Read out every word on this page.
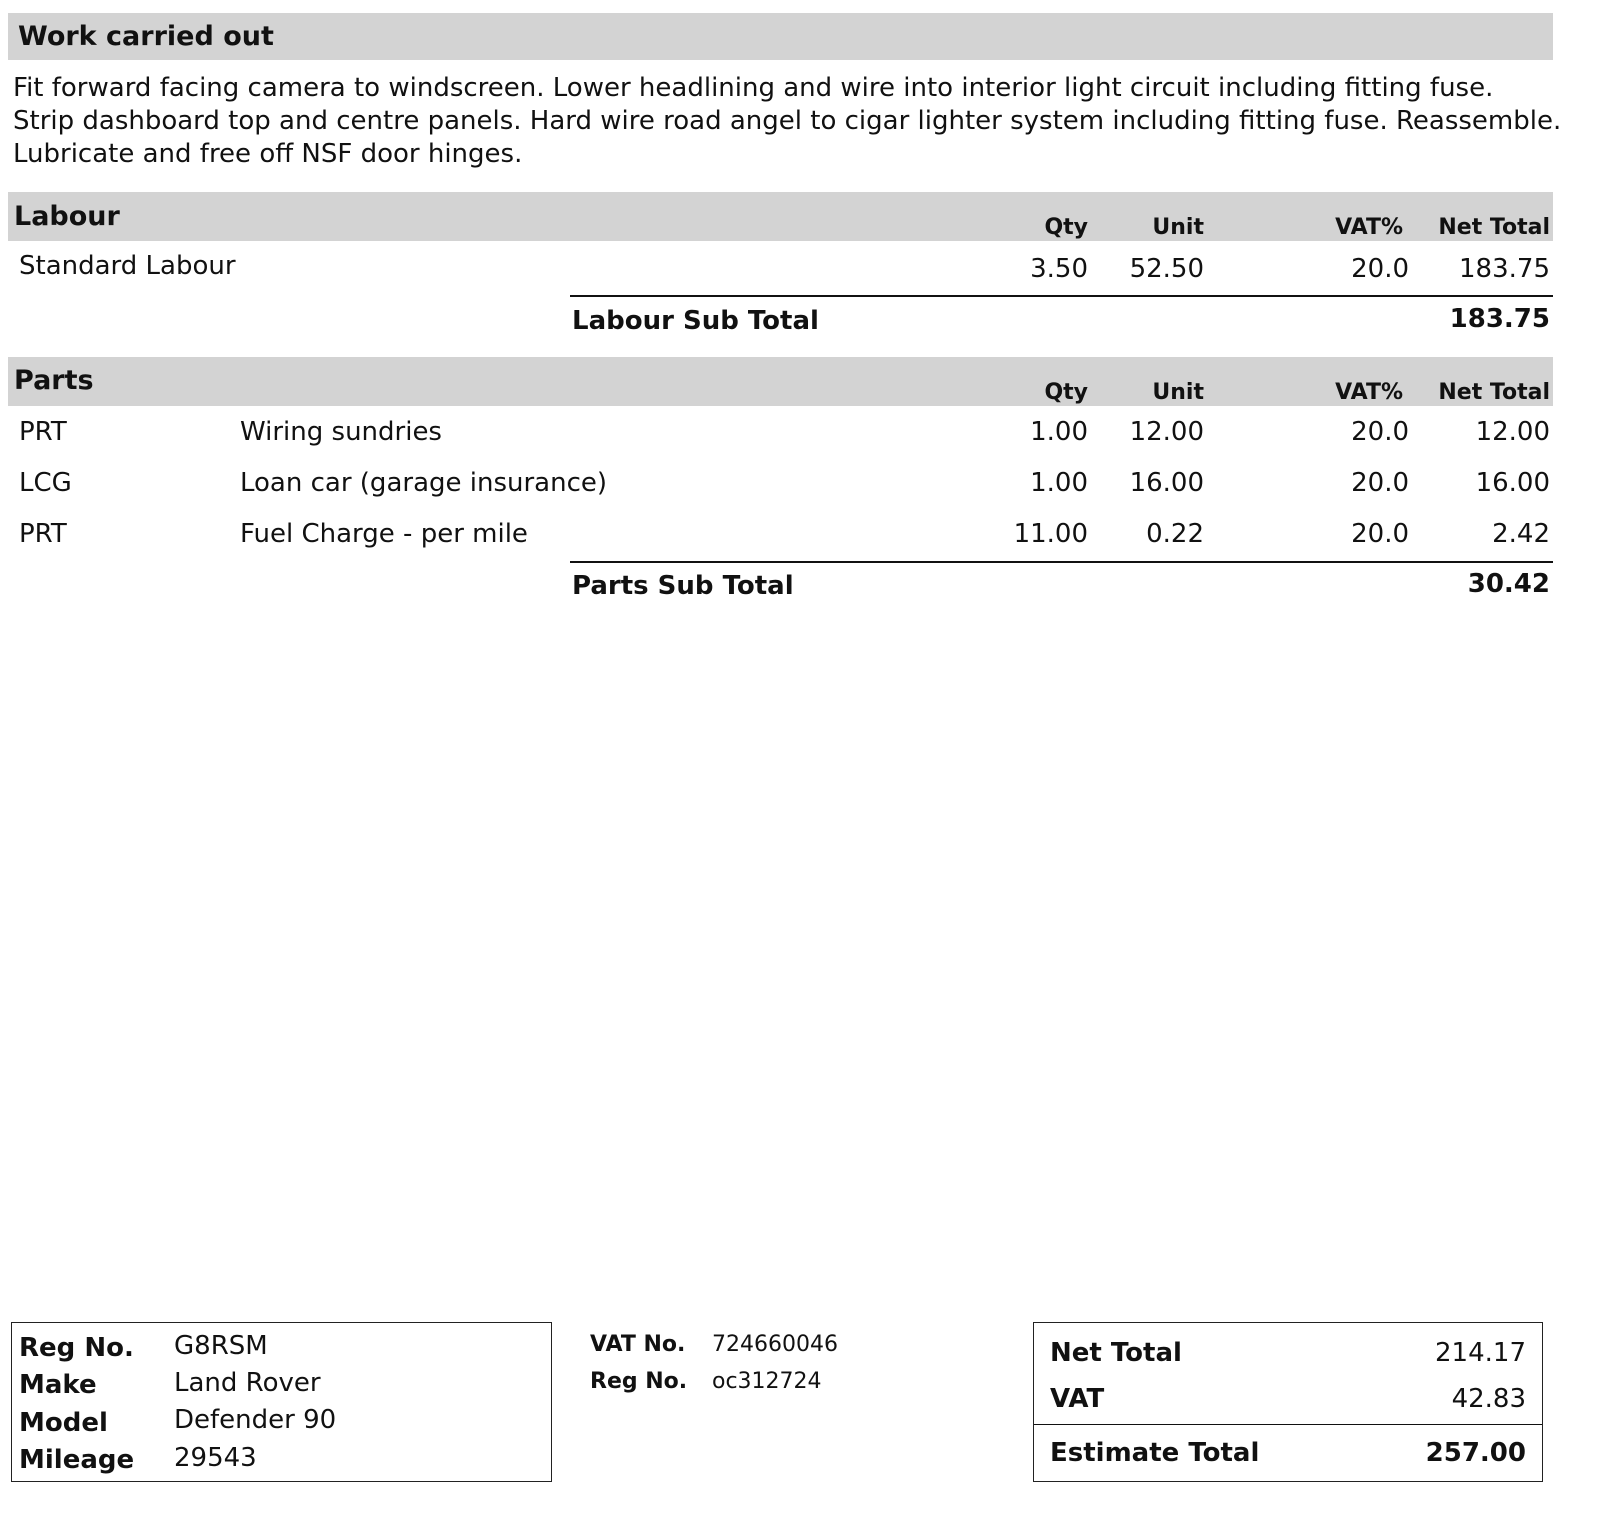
Work carried out
Fit forward facing camera to windscreen. Lower headlining and wire into interior light circuit including fitting fuse.
Strip dashboard top and centre panels. Hard wire road angel to cigar lighter system including fitting fuse. Reassemble.
Lubricate and free off NSF door hinges.
Labour	Qty	Unit	VAT% Net Total
Standard Labour	3.50 52.50	20.0 183.75
Labour Sub Total	183.75
Parts	Qty	Unit	VAT% Net Total
PRT	Wiring sundries	1.00 12.00	20.0	12.00
LCG	Loan car (garage insurance)	1.00 16.00	20.0	16.00
PRT	Fuel Charge - per mile	11.00 0.22	20.0	2.42
Parts Sub Total	30.42
Reg No. G8RSM
Make	Land Rover
Model	Defender 90
Mileage 29543
VAT No. 724660046
Reg No. oc312724
Net Total	214.17
VAT	42.83
Estimate Total	257.00
